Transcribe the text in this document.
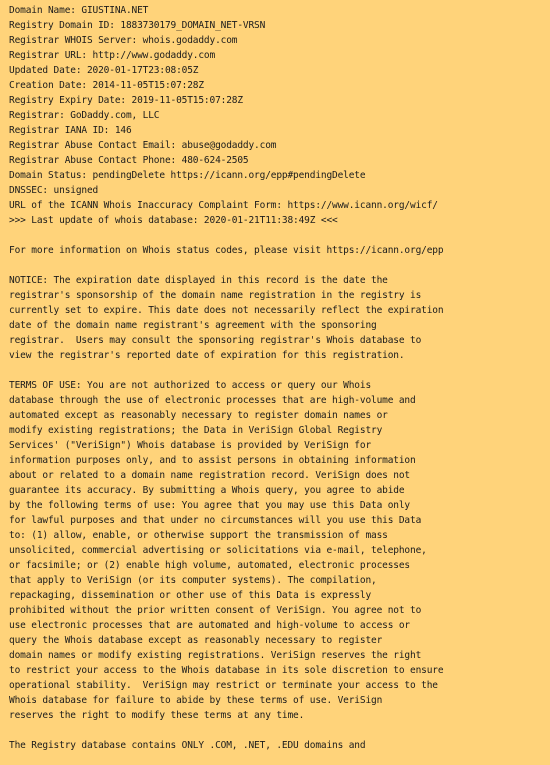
Domain Name: GIUSTINA.NET
Registry Domain ID: 1883730179_DOMAIN_NET-VRSN
Registrar WHOIS Server: whois.godaddy.com
Registrar URL: http://www.godaddy.com
Updated Date: 2020-01-17T23:08:05Z
Creation Date: 2014-11-05T15:07:28Z
Registry Expiry Date: 2019-11-05T15:07:28Z
Registrar: GoDaddy.com, LLC
Registrar IANA ID: 146
Registrar Abuse Contact Email: abuse@godaddy.com
Registrar Abuse Contact Phone: 480-624-2505
Domain Status: pendingDelete https://icann.org/epp#pendingDelete
DNSSEC: unsigned
URL of the ICANN Whois Inaccuracy Complaint Form: https://www.icann.org/wicf/
>>> Last update of whois database: 2020-01-21T11:38:49Z <<<
For more information on Whois status codes, please visit https://icann.org/epp
NOTICE: The expiration date displayed in this record is the date the
registrar's sponsorship of the domain name registration in the registry is
currently set to expire. This date does not necessarily reflect the expiration
date of the domain name registrant's agreement with the sponsoring
registrar.  Users may consult the sponsoring registrar's Whois database to
view the registrar's reported date of expiration for this registration.
TERMS OF USE: You are not authorized to access or query our Whois
database through the use of electronic processes that are high-volume and
automated except as reasonably necessary to register domain names or
modify existing registrations; the Data in VeriSign Global Registry
Services' ("VeriSign") Whois database is provided by VeriSign for
information purposes only, and to assist persons in obtaining information
about or related to a domain name registration record. VeriSign does not
guarantee its accuracy. By submitting a Whois query, you agree to abide
by the following terms of use: You agree that you may use this Data only
for lawful purposes and that under no circumstances will you use this Data
to: (1) allow, enable, or otherwise support the transmission of mass
unsolicited, commercial advertising or solicitations via e-mail, telephone,
or facsimile; or (2) enable high volume, automated, electronic processes
that apply to VeriSign (or its computer systems). The compilation,
repackaging, dissemination or other use of this Data is expressly
prohibited without the prior written consent of VeriSign. You agree not to
use electronic processes that are automated and high-volume to access or
query the Whois database except as reasonably necessary to register
domain names or modify existing registrations. VeriSign reserves the right
to restrict your access to the Whois database in its sole discretion to ensure
operational stability.  VeriSign may restrict or terminate your access to the
Whois database for failure to abide by these terms of use. VeriSign
reserves the right to modify these terms at any time.
The Registry database contains ONLY .COM, .NET, .EDU domains and
